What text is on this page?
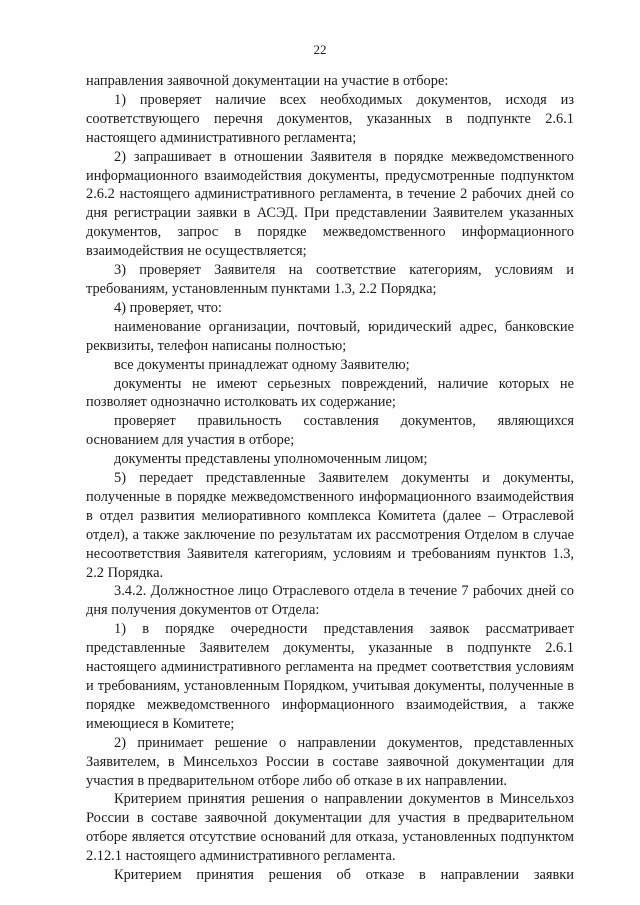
22

направления заявочной документации на участие в отборе:

1) проверяет наличие всех необходимых документов, исходя из соответствующего перечня документов, указанных в подпункте 2.6.1 настоящего административного регламента;

2) запрашивает в отношении Заявителя в порядке межведомственного информационного взаимодействия документы, предусмотренные подпунктом 2.6.2 настоящего административного регламента, в течение 2 рабочих дней со дня регистрации заявки в АСЭД. При представлении Заявителем указанных документов, запрос в порядке межведомственного информационного взаимодействия не осуществляется;

3) проверяет Заявителя на соответствие категориям, условиям и требованиям, установленным пунктами 1.3, 2.2 Порядка;

4) проверяет, что:

наименование организации, почтовый, юридический адрес, банковские реквизиты, телефон написаны полностью;

все документы принадлежат одному Заявителю;

документы не имеют серьезных повреждений, наличие которых не позволяет однозначно истолковать их содержание;

проверяет правильность составления документов, являющихся основанием для участия в отборе;

документы представлены уполномоченным лицом;

5) передает представленные Заявителем документы и документы, полученные в порядке межведомственного информационного взаимодействия в отдел развития мелиоративного комплекса Комитета (далее – Отраслевой отдел), а также заключение по результатам их рассмотрения Отделом в случае несоответствия Заявителя категориям, условиям и требованиям пунктов 1.3, 2.2 Порядка.

3.4.2. Должностное лицо Отраслевого отдела в течение 7 рабочих дней со дня получения документов от Отдела:

1) в порядке очередности представления заявок рассматривает представленные Заявителем документы, указанные в подпункте 2.6.1 настоящего административного регламента на предмет соответствия условиям и требованиям, установленным Порядком, учитывая документы, полученные в порядке межведомственного информационного взаимодействия, а также имеющиеся в Комитете;

2) принимает решение о направлении документов, представленных Заявителем, в Минсельхоз России в составе заявочной документации для участия в предварительном отборе либо об отказе в их направлении.

Критерием принятия решения о направлении документов в Минсельхоз России в составе заявочной документации для участия в предварительном отборе является отсутствие оснований для отказа, установленных подпунктом 2.12.1 настоящего административного регламента.

Критерием принятия решения об отказе в направлении заявки
